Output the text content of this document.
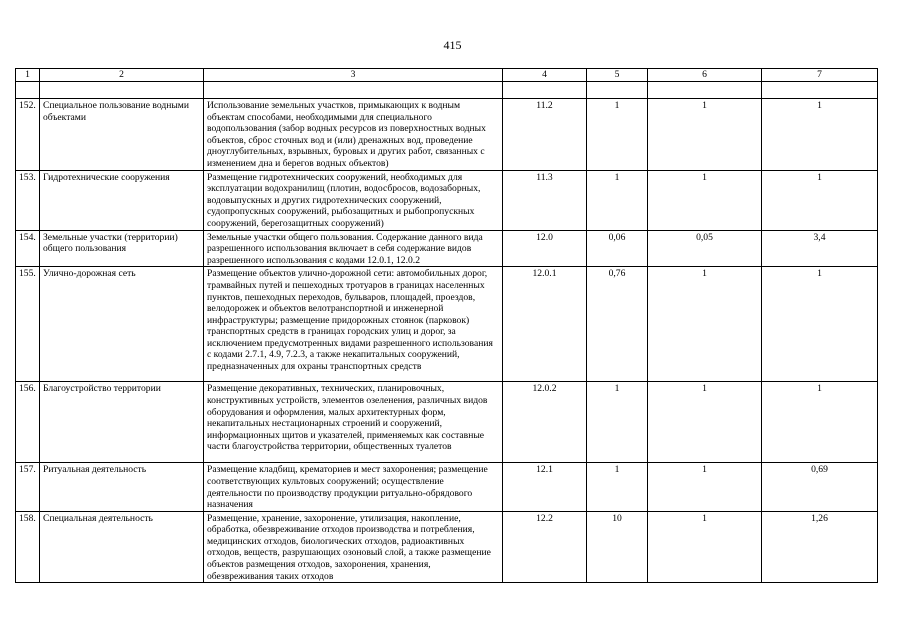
415
1	2	3	4	5	6	7

152.	Специальное пользование водными объектами	Использование земельных участков, примыкающих к водным объектам способами, необходимыми для специального водопользования (забор водных ресурсов из поверхностных водных объектов, сброс сточных вод и (или) дренажных вод, проведение дноуглубительных, взрывных, буровых и других работ, связанных с изменением дна и берегов водных объектов)	11.2	1	1	1
153.	Гидротехнические сооружения	Размещение гидротехнических сооружений, необходимых для эксплуатации водохранилищ (плотин, водосбросов, водозаборных, водовыпускных и других гидротехнических сооружений, судопропускных сооружений, рыбозащитных и рыбопропускных сооружений, берегозащитных сооружений)	11.3	1	1	1
154.	Земельные участки (территории) общего пользования	Земельные участки общего пользования. Содержание данного вида разрешенного использования включает в себя содержание видов разрешенного использования с кодами 12.0.1, 12.0.2	12.0	0,06	0,05	3,4
155.	Улично-дорожная сеть	Размещение объектов улично-дорожной сети: автомобильных дорог, трамвайных путей и пешеходных тротуаров в границах населенных пунктов, пешеходных переходов, бульваров, площадей, проездов, велодорожек и объектов велотранспортной и инженерной инфраструктуры; размещение придорожных стоянок (парковок) транспортных средств в границах городских улиц и дорог, за исключением предусмотренных видами разрешенного использования с кодами 2.7.1, 4.9, 7.2.3, а также некапитальных сооружений, предназначенных для охраны транспортных средств	12.0.1	0,76	1	1
156.	Благоустройство территории	Размещение декоративных, технических, планировочных, конструктивных устройств, элементов озеленения, различных видов оборудования и оформления, малых архитектурных форм, некапитальных нестационарных строений и сооружений, информационных щитов и указателей, применяемых как составные части благоустройства территории, общественных туалетов	12.0.2	1	1	1
157.	Ритуальная деятельность	Размещение кладбищ, крематориев и мест захоронения; размещение соответствующих культовых сооружений; осуществление деятельности по производству продукции ритуально-обрядового назначения	12.1	1	1	0,69
158.	Специальная деятельность	Размещение, хранение, захоронение, утилизация, накопление, обработка, обезвреживание отходов производства и потребления, медицинских отходов, биологических отходов, радиоактивных отходов, веществ, разрушающих озоновый слой, а также размещение объектов размещения отходов, захоронения, хранения, обезвреживания таких отходов	12.2	10	1	1,26
